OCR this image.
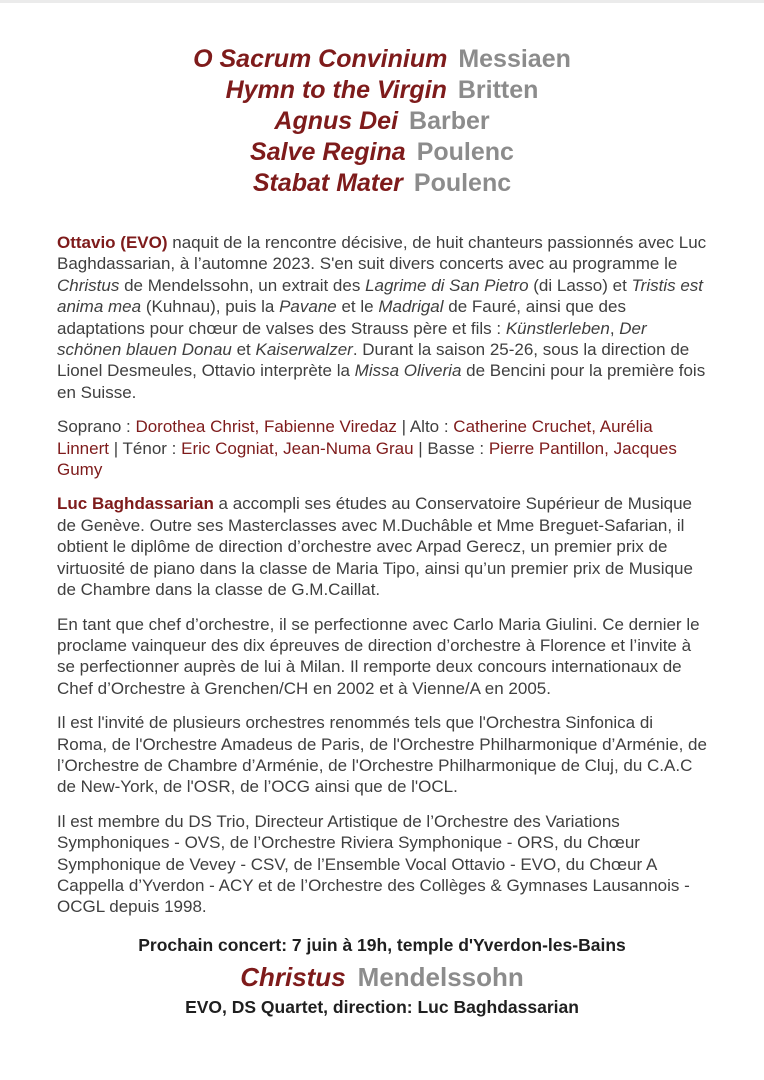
O Sacrum Convinium Messiaen
Hymn to the Virgin Britten
Agnus Dei Barber
Salve Regina Poulenc
Stabat Mater Poulenc

Ottavio (EVO) naquit de la rencontre décisive, de huit chanteurs passionnés avec Luc Baghdassarian, à l’automne 2023. S'en suit divers concerts avec au programme le Christus de Mendelssohn, un extrait des Lagrime di San Pietro (di Lasso) et Tristis est anima mea (Kuhnau), puis la Pavane et le Madrigal de Fauré, ainsi que des adaptations pour chœur de valses des Strauss père et fils : Künstlerleben, Der schönen blauen Donau et Kaiserwalzer. Durant la saison 25-26, sous la direction de Lionel Desmeules, Ottavio interprète la Missa Oliveria de Bencini pour la première fois en Suisse.

Soprano : Dorothea Christ, Fabienne Viredaz | Alto : Catherine Cruchet, Aurélia Linnert | Ténor : Eric Cogniat, Jean-Numa Grau | Basse : Pierre Pantillon, Jacques Gumy

Luc Baghdassarian a accompli ses études au Conservatoire Supérieur de Musique de Genève. Outre ses Masterclasses avec M.Duchâble et Mme Breguet-Safarian, il obtient le diplôme de direction d’orchestre avec Arpad Gerecz, un premier prix de virtuosité de piano dans la classe de Maria Tipo, ainsi qu’un premier prix de Musique de Chambre dans la classe de G.M.Caillat.

En tant que chef d’orchestre, il se perfectionne avec Carlo Maria Giulini. Ce dernier le proclame vainqueur des dix épreuves de direction d’orchestre à Florence et l’invite à se perfectionner auprès de lui à Milan. Il remporte deux concours internationaux de Chef d’Orchestre à Grenchen/CH en 2002 et à Vienne/A en 2005.

Il est l'invité de plusieurs orchestres renommés tels que l'Orchestra Sinfonica di Roma, de l'Orchestre Amadeus de Paris, de l'Orchestre Philharmonique d’Arménie, de l’Orchestre de Chambre d’Arménie, de l'Orchestre Philharmonique de Cluj, du C.A.C de New-York, de l'OSR, de l’OCG ainsi que de l'OCL.

Il est membre du DS Trio, Directeur Artistique de l’Orchestre des Variations Symphoniques - OVS, de l’Orchestre Riviera Symphonique - ORS, du Chœur Symphonique de Vevey - CSV, de l’Ensemble Vocal Ottavio - EVO, du Chœur A Cappella d’Yverdon - ACY et de l’Orchestre des Collèges & Gymnases Lausannois - OCGL depuis 1998.

Prochain concert: 7 juin à 19h, temple d'Yverdon-les-Bains
Christus Mendelssohn
EVO, DS Quartet, direction: Luc Baghdassarian
